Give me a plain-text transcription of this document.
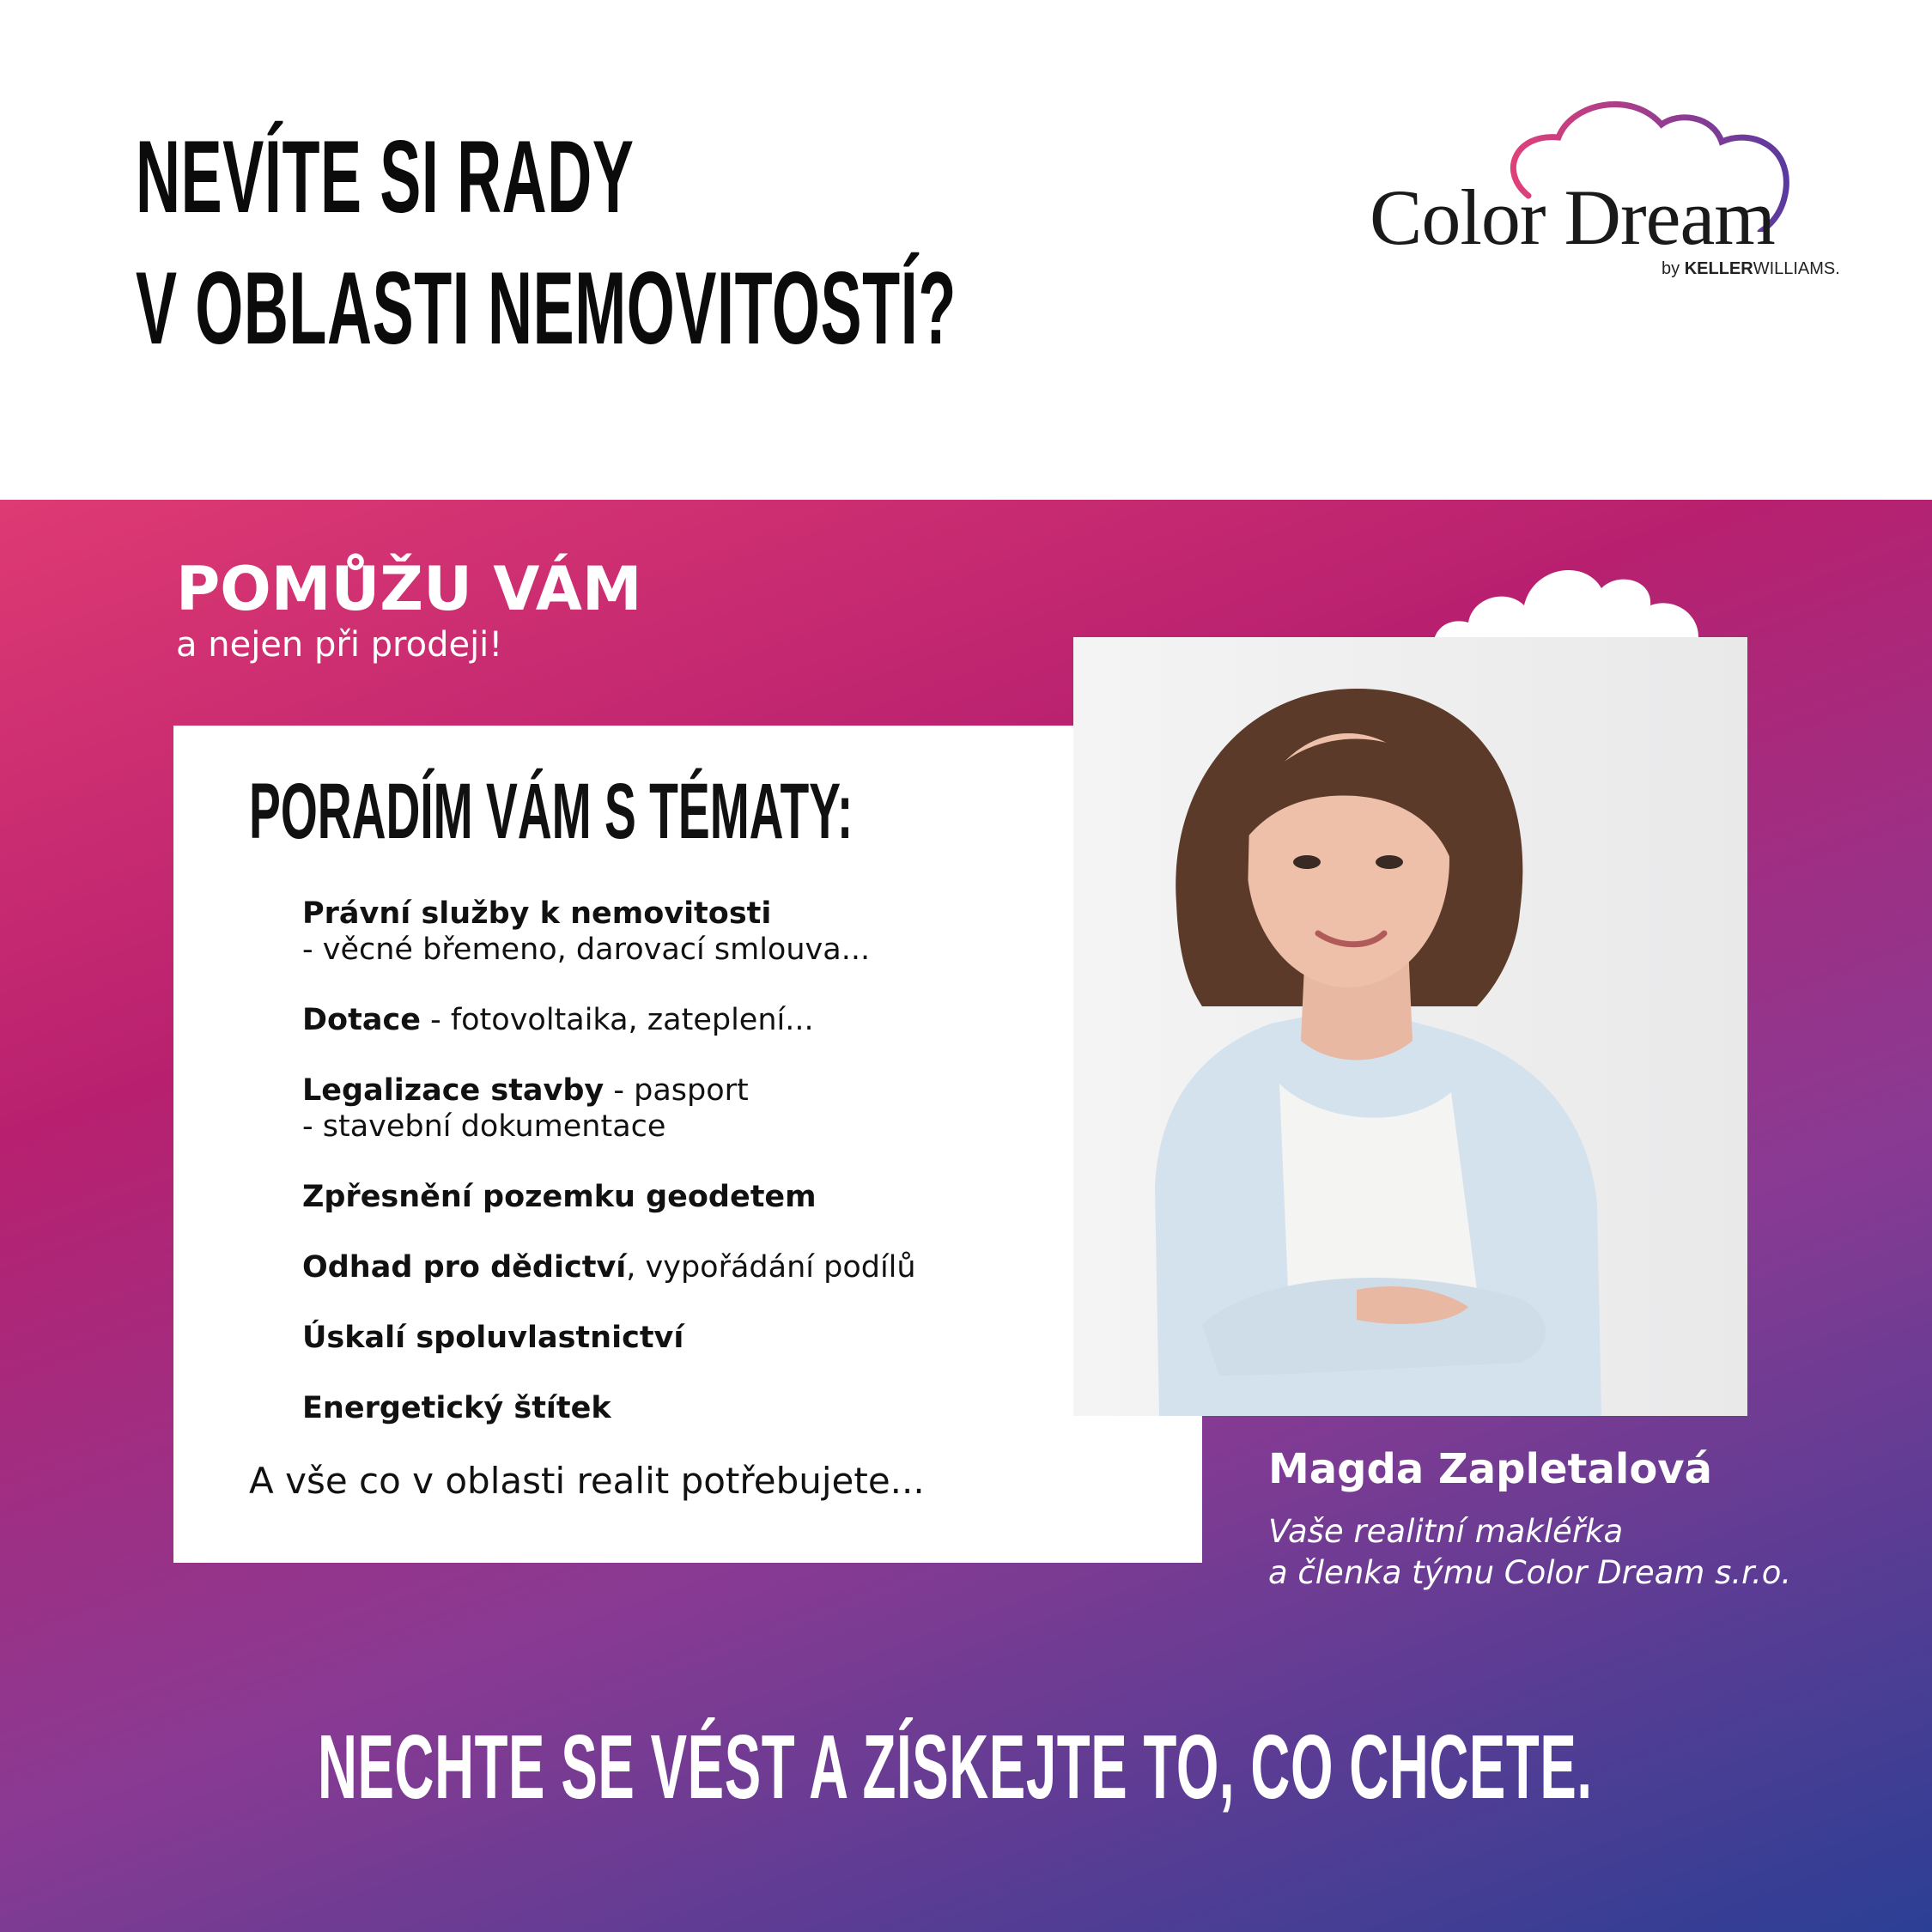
NEVÍTE SI RADY
V OBLASTI NEMOVITOSTÍ?
Color Dream
by KELLERWILLIAMS.
POMŮŽU VÁM
a nejen při prodeji!
PORADÍM VÁM S TÉMATY:
Právní služby k nemovitosti
- věcné břemeno, darovací smlouva...
Dotace - fotovoltaika, zateplení...
Legalizace stavby - pasport
- stavební dokumentace
Zpřesnění pozemku geodetem
Odhad pro dědictví, vypořádání podílů
Úskalí spoluvlastnictví
Energetický štítek
A vše co v oblasti realit potřebujete...	Magda Zapletalová
Vaše realitní makléřka
a členka týmu Color Dream s.r.o.
NECHTE SE VÉST A ZÍSKEJTE TO, CO CHCETE.
